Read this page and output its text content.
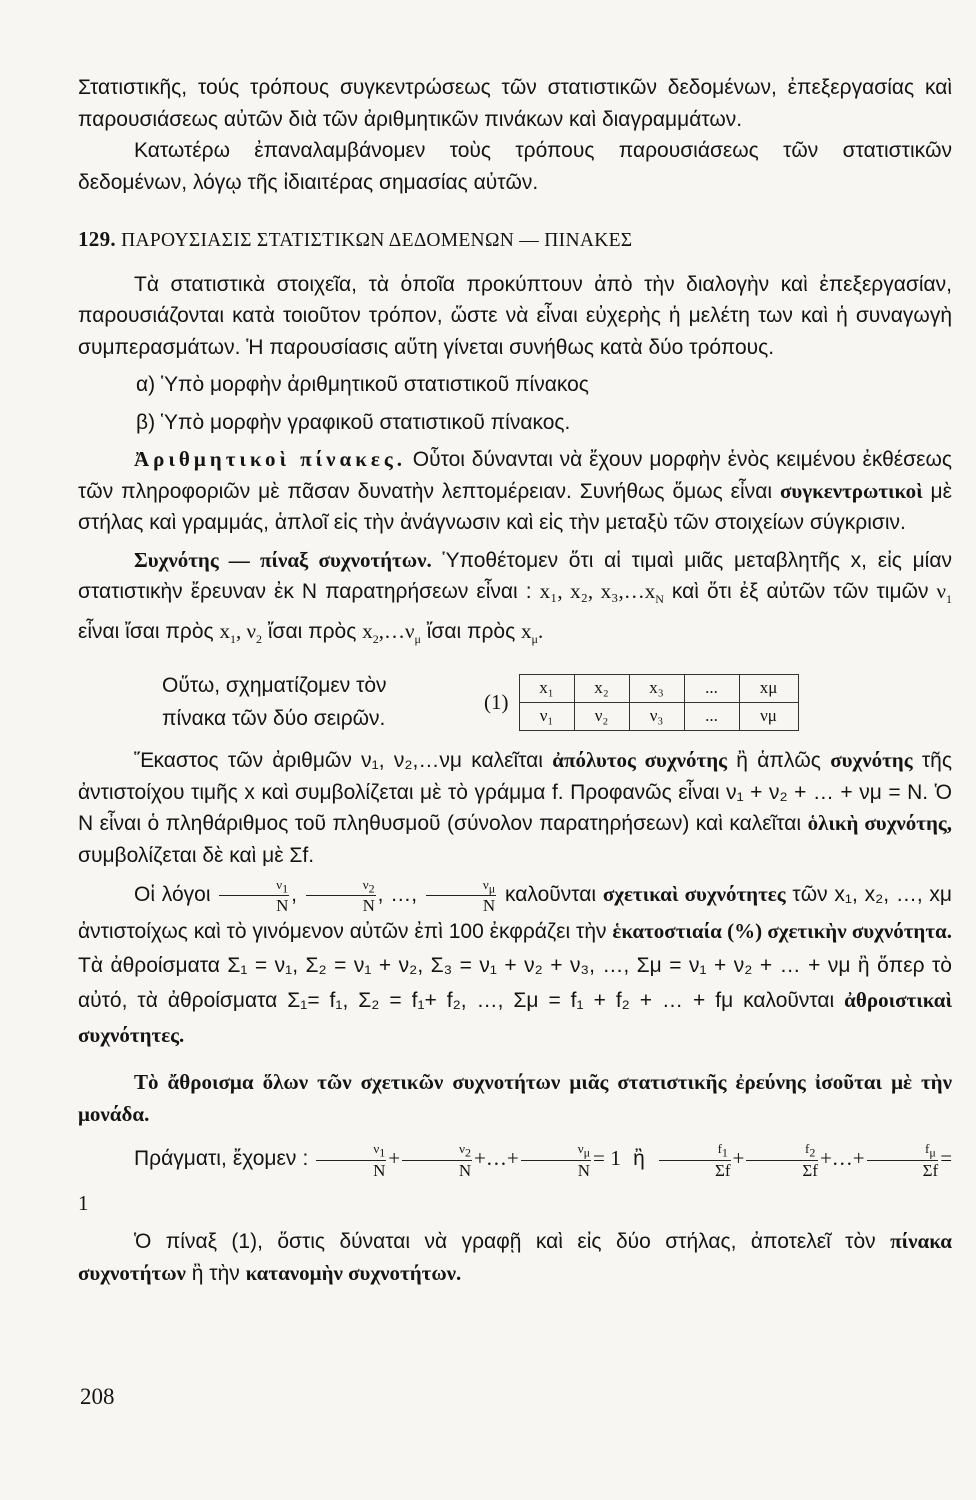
Στατιστικῆς, τούς τρόπους συγκεντρώσεως τῶν στατιστικῶν δεδομένων, ἐπεξεργασίας καὶ παρουσιάσεως αὐτῶν διὰ τῶν ἀριθμητικῶν πινάκων καὶ διαγραμμάτων.

Κατωτέρω ἐπαναλαμβάνομεν τοὺς τρόπους παρουσιάσεως τῶν στατιστικῶν δεδομένων, λόγῳ τῆς ἰδιαιτέρας σημασίας αὐτῶν.

129. ΠΑΡΟΥΣΙΑΣΙΣ ΣΤΑΤΙΣΤΙΚΩΝ ΔΕΔΟΜΕΝΩΝ — ΠΙΝΑΚΕΣ

Τὰ στατιστικὰ στοιχεῖα, τὰ ὁποῖα προκύπτουν ἀπὸ τὴν διαλογὴν καὶ ἐπεξεργασίαν, παρουσιάζονται κατὰ τοιοῦτον τρόπον, ὥστε νὰ εἶναι εὐχερὴς ἡ μελέτη των καὶ ἡ συναγωγὴ συμπερασμάτων. Ἡ παρουσίασις αὕτη γίνεται συνήθως κατὰ δύο τρόπους.

α) Ὑπὸ μορφὴν ἀριθμητικοῦ στατιστικοῦ πίνακος

β) Ὑπὸ μορφὴν γραφικοῦ στατιστικοῦ πίνακος.

Ἀριθμητικοὶ πίνακες. Οὗτοι δύνανται νὰ ἔχουν μορφὴν ἑνὸς κειμένου ἐκθέσεως τῶν πληροφοριῶν μὲ πᾶσαν δυνατὴν λεπτομέρειαν. Συνήθως ὅμως εἶναι συγκεντρωτικοὶ μὲ στήλας καὶ γραμμάς, ἁπλοῖ εἰς τὴν ἀνάγνωσιν καὶ εἰς τὴν μεταξὺ τῶν στοιχείων σύγκρισιν.

Συχνότης — πίναξ συχνοτήτων. Ὑποθέτομεν ὅτι αἱ τιμαὶ μιᾶς μεταβλητῆς x, εἰς μίαν στατιστικὴν ἔρευναν ἐκ N παρατηρήσεων εἶναι : x₁, x₂, $x_3,\dots x_N$ καὶ ὅτι ἐξ αὐτῶν τῶν τιμῶν $\nu_1$ εἶναι ἴσαι πρὸς $x_1$, $\nu_2$ ἴσαι πρὸς $x_2,\dots\nu_\mu$ ἴσαι πρὸς $x_\mu$.

Οὕτω, σχηματίζομεν τὸν

πίνακα τῶν δύο σειρῶν.

(1)
x₁	x₂	x₃	...	xμ
ν₁	ν₂	ν₃	...	νμ

Ἕκαστος τῶν ἀριθμῶν ν₁, ν₂,…νμ καλεῖται ἀπόλυτος συχνότης ἢ ἁπλῶς συχνότης τῆς ἀντιστοίχου τιμῆς x καὶ συμβολίζεται μὲ τὸ γράμμα f. Προφανῶς εἶναι ν₁ + ν₂ + … + νμ = N. Ὁ N εἶναι ὁ πληθάριθμος τοῦ πληθυσμοῦ (σύνολον παρατηρήσεων) καὶ καλεῖται ὁλικὴ συχνότης, συμβολίζεται δὲ καὶ μὲ Σf.

Οἱ λόγοι $\frac{\nu_1}{N}$ , $\frac{\nu_2}{N}$ , …, $\frac{\nu_\mu}{N}$ καλοῦνται σχετικαὶ συχνότητες τῶν x₁, x₂, …, xμ ἀντιστοίχως καὶ τὸ γινόμενον αὐτῶν ἐπὶ 100 ἐκφράζει τὴν ἑκατοστιαία (%) σχετικὴν συχνότητα. Τὰ ἀθροίσματα Σ₁ = ν₁, Σ₂ = ν₁ + ν₂, Σ₃ = ν₁ + ν₂ + ν₃, …, Σμ = ν₁ + ν₂ + … + νμ ἢ ὅπερ τὸ αὐτό, τὰ ἀθροίσματα Σ₁= f₁, Σ₂ = f₁+ f₂, …, Σμ = f₁ + f₂ + … + fμ καλοῦνται ἀθροιστικαὶ συχνότητες.

Τὸ ἄθροισμα ὅλων τῶν σχετικῶν συχνοτήτων μιᾶς στατιστικῆς ἐρεύνης ἰσοῦται μὲ τὴν μονάδα.

Πράγματι, ἔχομεν : $\frac{\nu_1}{N} + \frac{\nu_2}{N}$ +…+ $\frac{\nu_\mu}{N} = 1$ ἢ $\frac{f_1}{\Sigma f} + \frac{f_2}{\Sigma f}$ +…+ $\frac{f_\mu}{\Sigma f} = 1$

Ὁ πίναξ (1), ὅστις δύναται νὰ γραφῇ καὶ εἰς δύο στήλας, ἀποτελεῖ τὸν πίνακα συχνοτήτων ἢ τὴν κατανομὴν συχνοτήτων.

208
